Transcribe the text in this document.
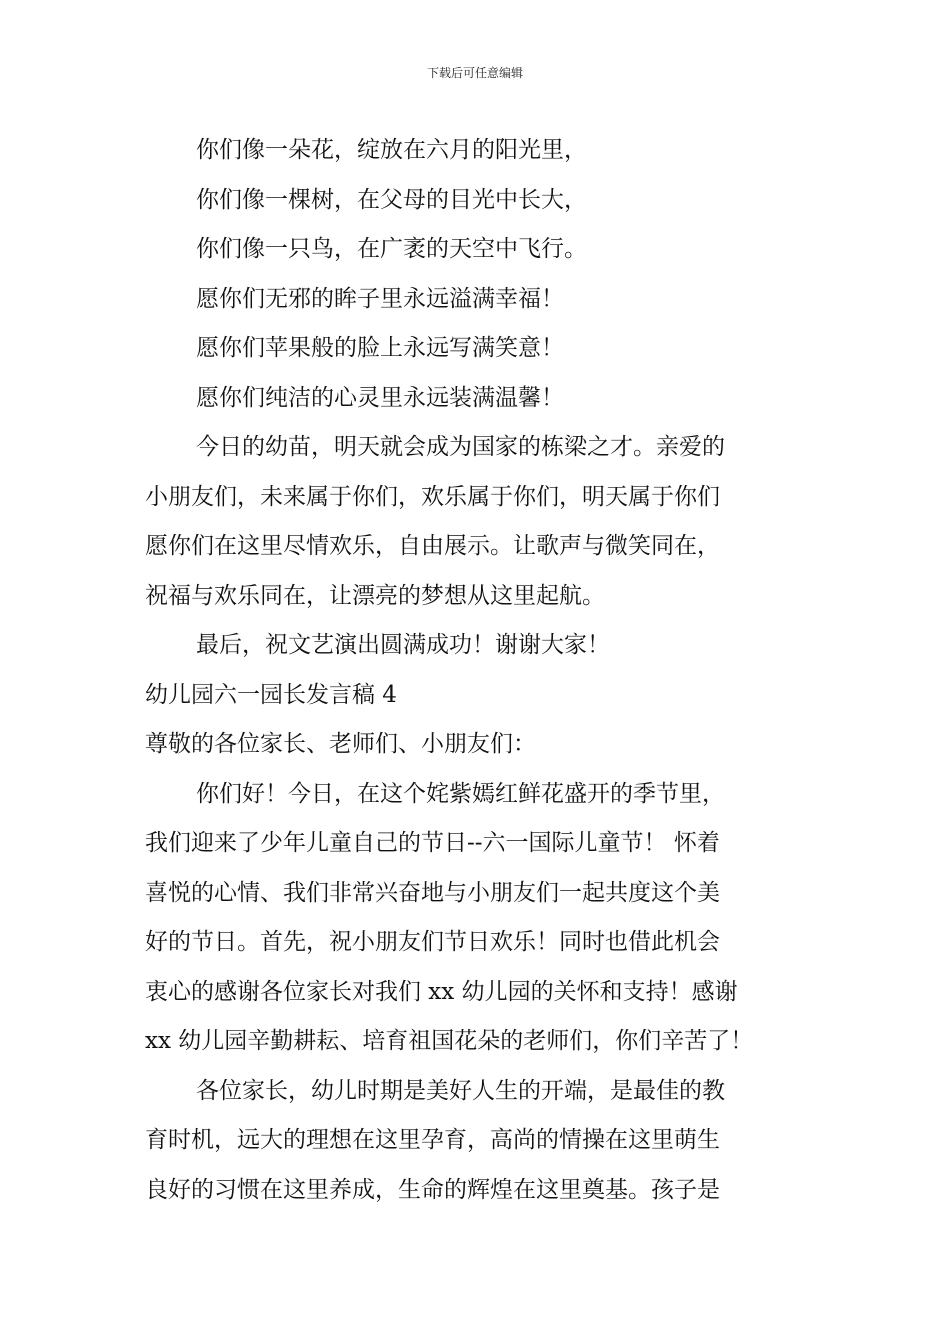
下载后可任意编辑
你们像一朵花，绽放在六月的阳光里，
你们像一棵树，在父母的目光中长大，
你们像一只鸟，在广袤的天空中飞行。
愿你们无邪的眸子里永远溢满幸福！
愿你们苹果般的脸上永远写满笑意！
愿你们纯洁的心灵里永远装满温馨！
今日的幼苗，明天就会成为国家的栋梁之才。亲爱的
小朋友们，未来属于你们，欢乐属于你们，明天属于你们
愿你们在这里尽情欢乐，自由展示。让歌声与微笑同在，
祝福与欢乐同在，让漂亮的梦想从这里起航。
最后，祝文艺演出圆满成功！谢谢大家！
幼儿园六一园长发言稿 4
尊敬的各位家长、老师们、小朋友们：
你们好！今日，在这个姹紫嫣红鲜花盛开的季节里，
我们迎来了少年儿童自己的节日--六一国际儿童节！ 怀着
喜悦的心情、我们非常兴奋地与小朋友们一起共度这个美
好的节日。首先，祝小朋友们节日欢乐！同时也借此机会
衷心的感谢各位家长对我们 xx 幼儿园的关怀和支持！感谢
xx 幼儿园辛勤耕耘、培育祖国花朵的老师们，你们辛苦了！
各位家长，幼儿时期是美好人生的开端，是最佳的教
育时机，远大的理想在这里孕育，高尚的情操在这里萌生
良好的习惯在这里养成，生命的辉煌在这里奠基。孩子是
